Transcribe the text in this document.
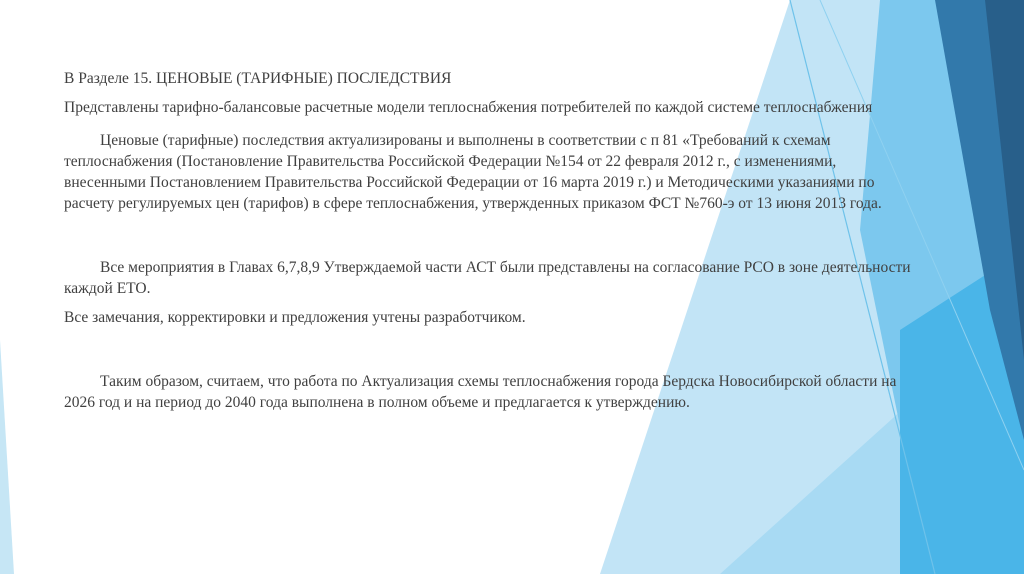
В Разделе 15. ЦЕНОВЫЕ (ТАРИФНЫЕ) ПОСЛЕДСТВИЯ

Представлены тарифно-балансовые расчетные модели теплоснабжения потребителей по каждой системе теплоснабжения

Ценовые (тарифные) последствия актуализированы и выполнены в соответствии с п 81 «Требований к схемам теплоснабжения (Постановление Правительства Российской Федерации №154 от 22 февраля 2012 г., с изменениями, внесенными Постановлением Правительства Российской Федерации от 16 марта 2019 г.) и Методическими указаниями по расчету регулируемых цен (тарифов) в сфере теплоснабжения, утвержденных приказом ФСТ №760-э от 13 июня 2013 года.

Все мероприятия в Главах 6,7,8,9 Утверждаемой части АСТ были представлены на согласование РСО в зоне деятельности каждой ЕТО.

Все замечания, корректировки и предложения учтены разработчиком.

Таким образом, считаем, что работа по Актуализация схемы теплоснабжения города Бердска Новосибирской области на 2026 год и на период до 2040 года выполнена в полном объеме и предлагается к утверждению.
